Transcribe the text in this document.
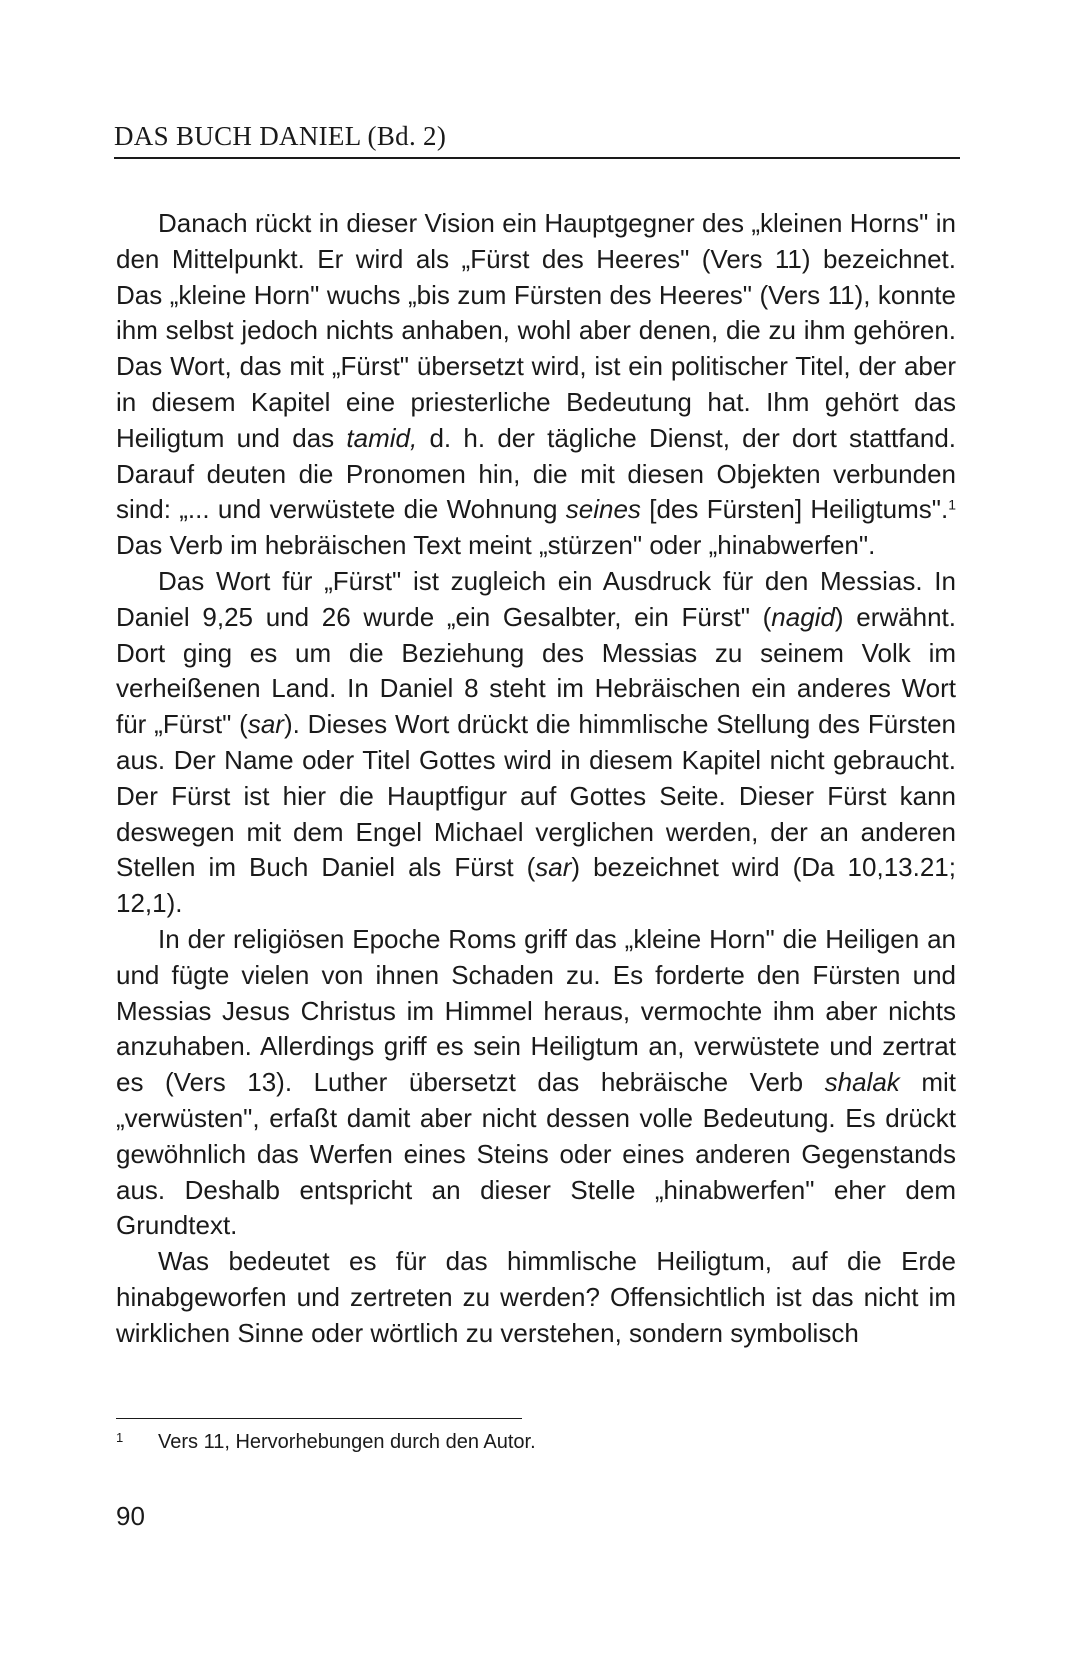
DAS BUCH DANIEL (Bd. 2)

Danach rückt in dieser Vision ein Hauptgegner des „kleinen Horns" in den Mittelpunkt. Er wird als „Fürst des Heeres" (Vers 11) bezeichnet. Das „kleine Horn" wuchs „bis zum Fürsten des Heeres" (Vers 11), konnte ihm selbst jedoch nichts anhaben, wohl aber denen, die zu ihm gehören. Das Wort, das mit „Fürst" übersetzt wird, ist ein politischer Titel, der aber in diesem Kapitel eine priesterliche Bedeutung hat. Ihm gehört das Heiligtum und das tamid, d. h. der tägliche Dienst, der dort stattfand. Darauf deuten die Pronomen hin, die mit diesen Objekten verbunden sind: „... und verwüstete die Wohnung seines [des Fürsten] Heiligtums".$^1$ Das Verb im hebräischen Text meint „stürzen" oder „hinabwerfen".

Das Wort für „Fürst" ist zugleich ein Ausdruck für den Messias. In Daniel 9,25 und 26 wurde „ein Gesalbter, ein Fürst" (nagid) erwähnt. Dort ging es um die Beziehung des Messias zu seinem Volk im verheißenen Land. In Daniel 8 steht im Hebräischen ein anderes Wort für „Fürst" (sar). Dieses Wort drückt die himmlische Stellung des Fürsten aus. Der Name oder Titel Gottes wird in diesem Kapitel nicht gebraucht. Der Fürst ist hier die Hauptfigur auf Gottes Seite. Dieser Fürst kann deswegen mit dem Engel Michael verglichen werden, der an anderen Stellen im Buch Daniel als Fürst (sar) bezeichnet wird (Da 10,13.21; 12,1).

In der religiösen Epoche Roms griff das „kleine Horn" die Heiligen an und fügte vielen von ihnen Schaden zu. Es forderte den Fürsten und Messias Jesus Christus im Himmel heraus, vermochte ihm aber nichts anzuhaben. Allerdings griff es sein Heiligtum an, verwüstete und zertrat es (Vers 13). Luther übersetzt das hebräische Verb shalak mit „verwüsten", erfaßt damit aber nicht dessen volle Bedeutung. Es drückt gewöhnlich das Werfen eines Steins oder eines anderen Gegenstands aus. Deshalb entspricht an dieser Stelle „hinabwerfen" eher dem Grundtext.

Was bedeutet es für das himmlische Heiligtum, auf die Erde hinabgeworfen und zertreten zu werden? Offensichtlich ist das nicht im wirklichen Sinne oder wörtlich zu verstehen, sondern symbolisch

1 Vers 11, Hervorhebungen durch den Autor.
90
